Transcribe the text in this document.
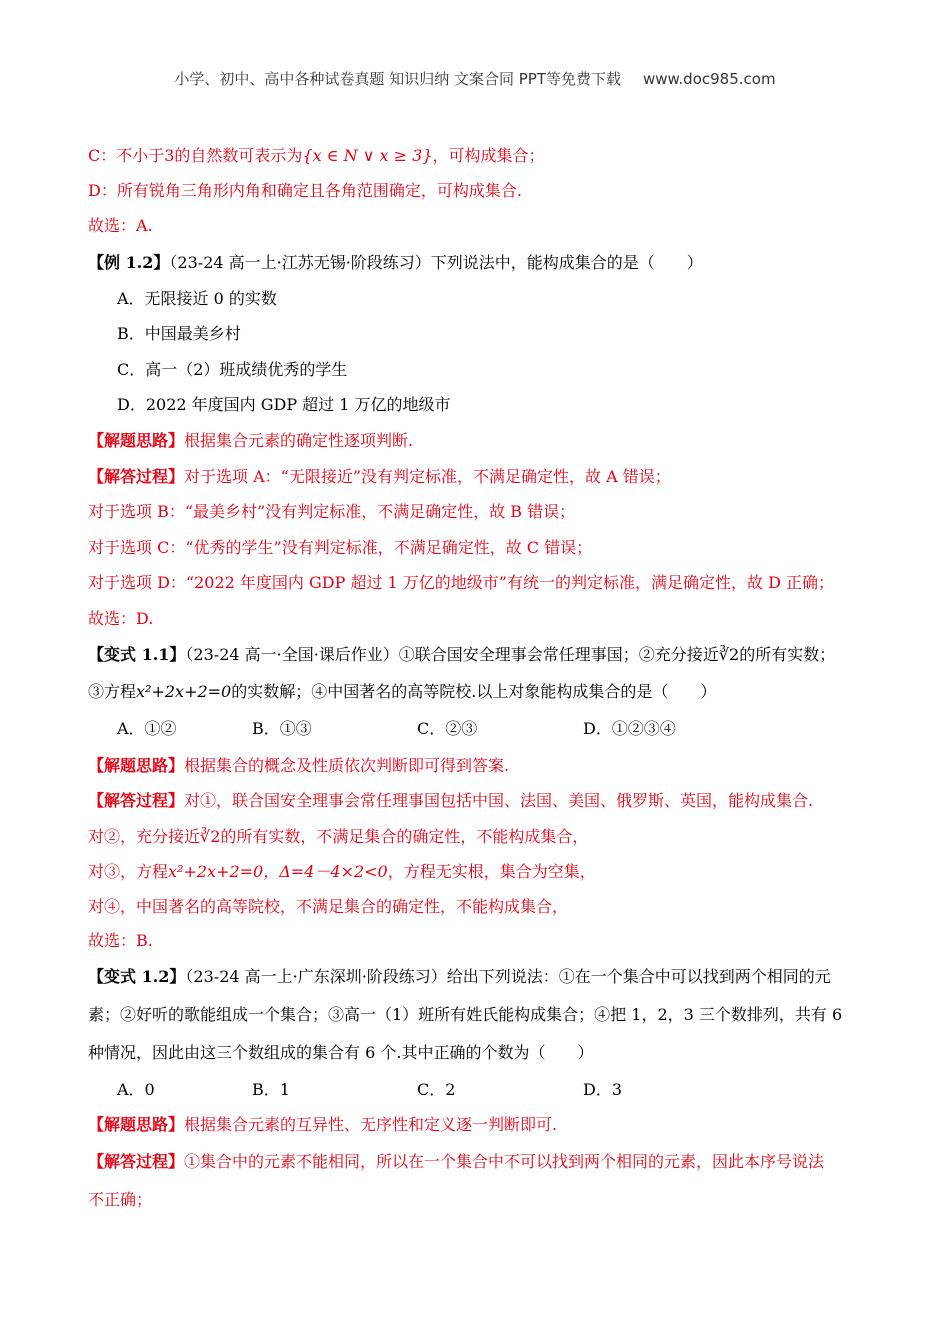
小学、初中、高中各种试卷真题 知识归纳 文案合同 PPT等免费下载 www.doc985.com
C：不小于3的自然数可表示为{x ∈ N ∨ x ≥ 3}，可构成集合；
D：所有锐角三角形内角和确定且各角范围确定，可构成集合.
故选：A.
【例 1.2】（23-24 高一上·江苏无锡·阶段练习）下列说法中，能构成集合的是（　　）
A．无限接近 0 的实数
B．中国最美乡村
C．高一（2）班成绩优秀的学生
D．2022 年度国内 GDP 超过 1 万亿的地级市
【解题思路】根据集合元素的确定性逐项判断.
【解答过程】对于选项 A：“无限接近”没有判定标准，不满足确定性，故 A 错误；
对于选项 B：“最美乡村”没有判定标准，不满足确定性，故 B 错误；
对于选项 C：“优秀的学生”没有判定标准，不满足确定性，故 C 错误；
对于选项 D：“2022 年度国内 GDP 超过 1 万亿的地级市”有统一的判定标准，满足确定性，故 D 正确；
故选：D.
【变式 1.1】（23-24 高一·全国·课后作业）①联合国安全理事会常任理事国；②充分接近∛2的所有实数；
③方程x²+2x+2=0的实数解；④中国著名的高等院校.以上对象能构成集合的是（　　）
A．①②	B．①③	C．②③	D．①②③④
【解题思路】根据集合的概念及性质依次判断即可得到答案.
【解答过程】对①，联合国安全理事会常任理事国包括中国、法国、美国、俄罗斯、英国，能构成集合.
对②，充分接近∛2的所有实数，不满足集合的确定性，不能构成集合，
对③，方程x²+2x+2=0，Δ=4－4×2<0，方程无实根，集合为空集，
对④，中国著名的高等院校，不满足集合的确定性，不能构成集合，
故选：B.
【变式 1.2】（23-24 高一上·广东深圳·阶段练习）给出下列说法：①在一个集合中可以找到两个相同的元
素；②好听的歌能组成一个集合；③高一（1）班所有姓氏能构成集合；④把 1，2，3 三个数排列，共有 6
种情况，因此由这三个数组成的集合有 6 个.其中正确的个数为（　　）
A．0	B．1	C．2	D．3
【解题思路】根据集合元素的互异性、无序性和定义逐一判断即可.
【解答过程】①集合中的元素不能相同，所以在一个集合中不可以找到两个相同的元素，因此本序号说法
不正确；
